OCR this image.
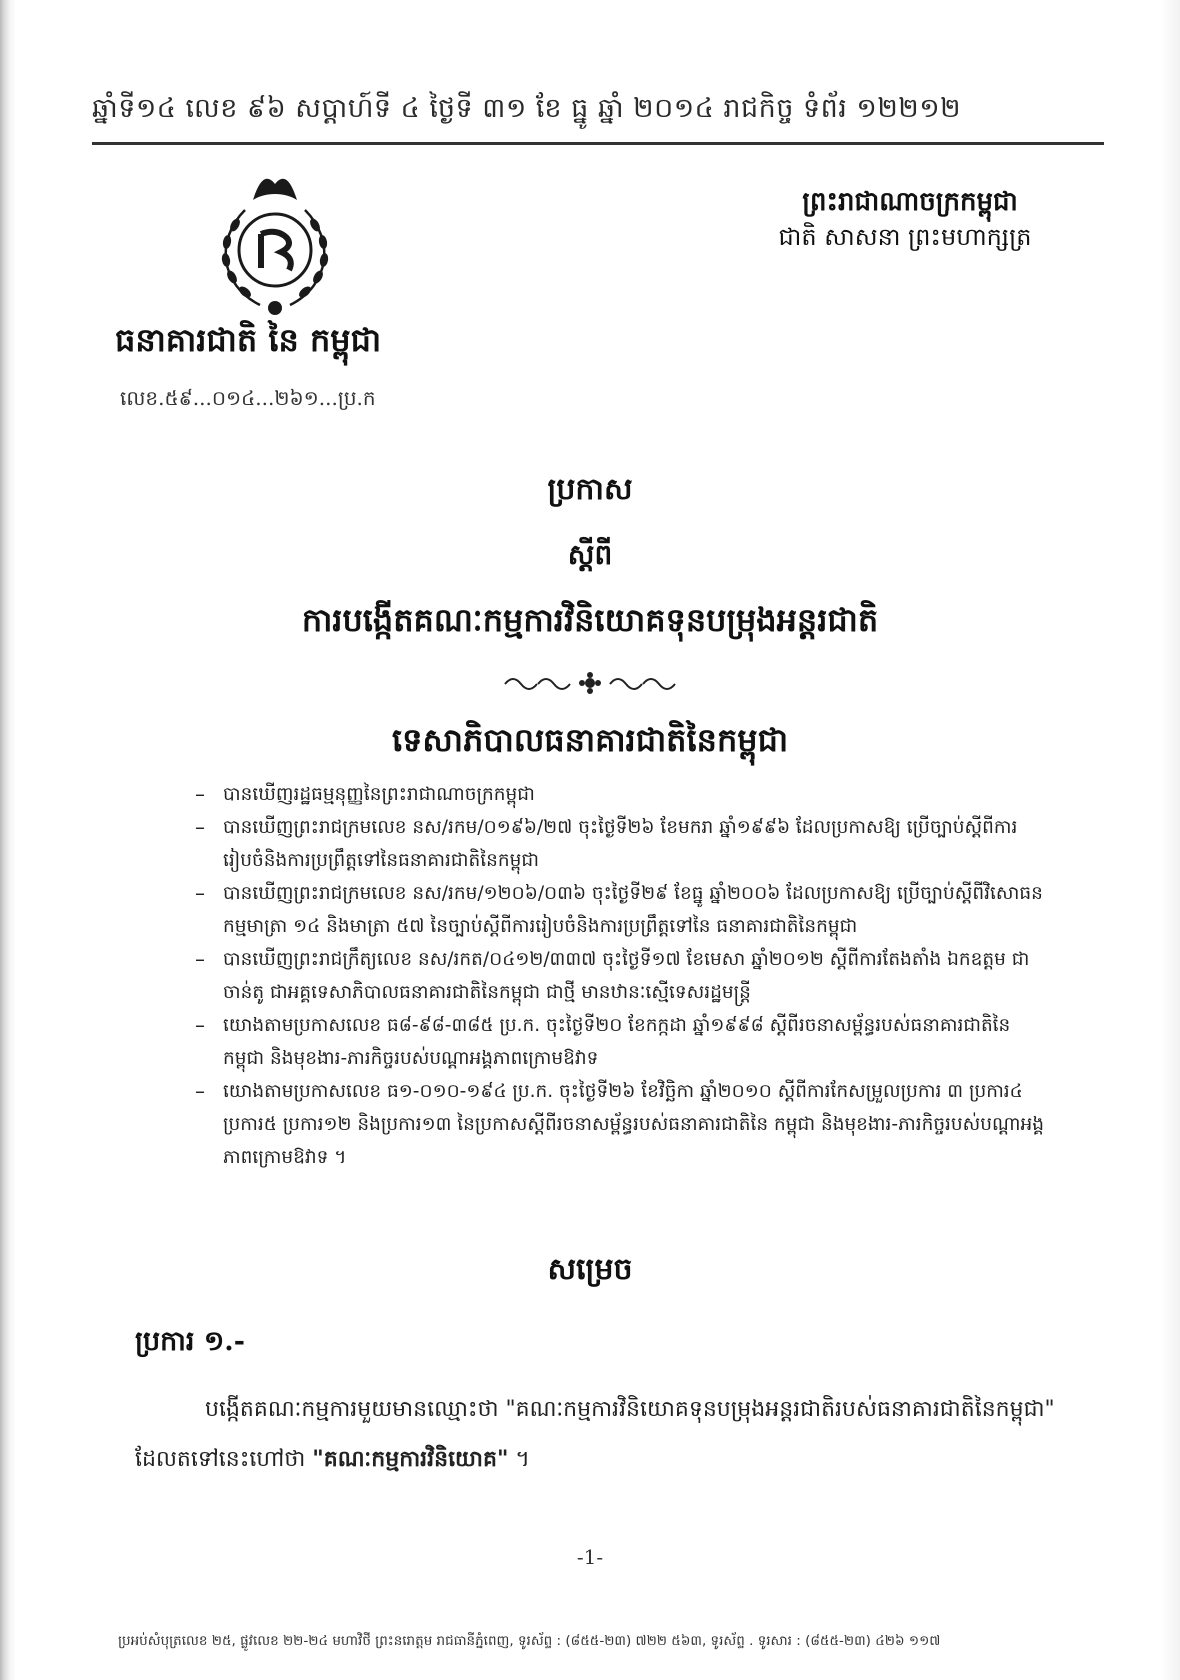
ឆ្នាំទី១៤ លេខ ៩៦ សប្តាហ៍ទី ៤ ថ្ងៃទី ៣១ ខែ ធ្នូ ឆ្នាំ ២០១៤ រាជកិច្ច ទំព័រ ១២២១២
ធនាគារជាតិ នៃ កម្ពុជា
លេខ.៥៩...០១៤...២៦១...ប្រ.ក
ព្រះរាជាណាចក្រកម្ពុជា
ជាតិ សាសនា ព្រះមហាក្សត្រ
ប្រកាស
ស្តីពី
ការបង្កើតគណៈកម្មការវិនិយោគទុនបម្រុងអន្តរជាតិ
ទេសាភិបាលធនាគារជាតិនៃកម្ពុជា
– បានឃើញរដ្ឋធម្មនុញ្ញនៃព្រះរាជាណាចក្រកម្ពុជា
– បានឃើញព្រះរាជក្រមលេខ នស/រកម/០១៩៦/២៧ ចុះថ្ងៃទី២៦ ខែមករា ឆ្នាំ១៩៩៦ ដែលប្រកាសឱ្យ ប្រើច្បាប់ស្តីពីការរៀបចំនិងការប្រព្រឹត្តទៅនៃធនាគារជាតិនៃកម្ពុជា
– បានឃើញព្រះរាជក្រមលេខ នស/រកម/១២០៦/០៣៦ ចុះថ្ងៃទី២៩ ខែធ្នូ ឆ្នាំ២០០៦ ដែលប្រកាសឱ្យ ប្រើច្បាប់ស្តីពីវិសោធនកម្មមាត្រា ១៤ និងមាត្រា ៥៧ នៃច្បាប់ស្តីពីការរៀបចំនិងការប្រព្រឹត្តទៅនៃ ធនាគារជាតិនៃកម្ពុជា
– បានឃើញព្រះរាជក្រឹត្យលេខ នស/រកត/០៤១២/៣៣៧ ចុះថ្ងៃទី១៧ ខែមេសា ឆ្នាំ២០១២ ស្តីពីការតែងតាំង ឯកឧត្តម ជា ចាន់តូ ជាអគ្គទេសាភិបាលធនាគារជាតិនៃកម្ពុជា ជាថ្មី មានឋានៈស្មើទេសរដ្ឋមន្ត្រី
– យោងតាមប្រកាសលេខ ធ៨-៩៨-៣៨៥ ប្រ.ក. ចុះថ្ងៃទី២០ ខែកក្កដា ឆ្នាំ១៩៩៨ ស្តីពីរចនាសម្ព័ន្ធរបស់ធនាគារជាតិនៃកម្ពុជា និងមុខងារ-ភារកិច្ចរបស់បណ្តាអង្គភាពក្រោមឱវាទ
– យោងតាមប្រកាសលេខ ធ១-០១០-១៩៤ ប្រ.ក. ចុះថ្ងៃទី២៦ ខែវិច្ឆិកា ឆ្នាំ២០១០ ស្តីពីការកែសម្រួលប្រការ ៣ ប្រការ៤ ប្រការ៥ ប្រការ១២ និងប្រការ១៣ នៃប្រកាសស្តីពីរចនាសម្ព័ន្ធរបស់ធនាគារជាតិនៃ កម្ពុជា និងមុខងារ-ភារកិច្ចរបស់បណ្តាអង្គភាពក្រោមឱវាទ ។
សម្រេច
ប្រការ ១.-
បង្កើតគណៈកម្មការមួយមានឈ្មោះថា "គណៈកម្មការវិនិយោគទុនបម្រុងអន្តរជាតិរបស់ធនាគារជាតិនៃកម្ពុជា" ដែលតទៅនេះហៅថា "គណៈកម្មការវិនិយោគ" ។
-1-
ប្រអប់សំបុត្រលេខ ២៥, ផ្លូវលេខ ២២-២៤ មហាវិថី ព្រះនរោត្តម រាជធានីភ្នំពេញ, ទូរស័ព្ទ : (៨៥៥-២៣) ៧២២ ៥៦៣, ទូរស័ព្ទ . ទូរសារ : (៨៥៥-២៣) ៤២៦ ១១៧
